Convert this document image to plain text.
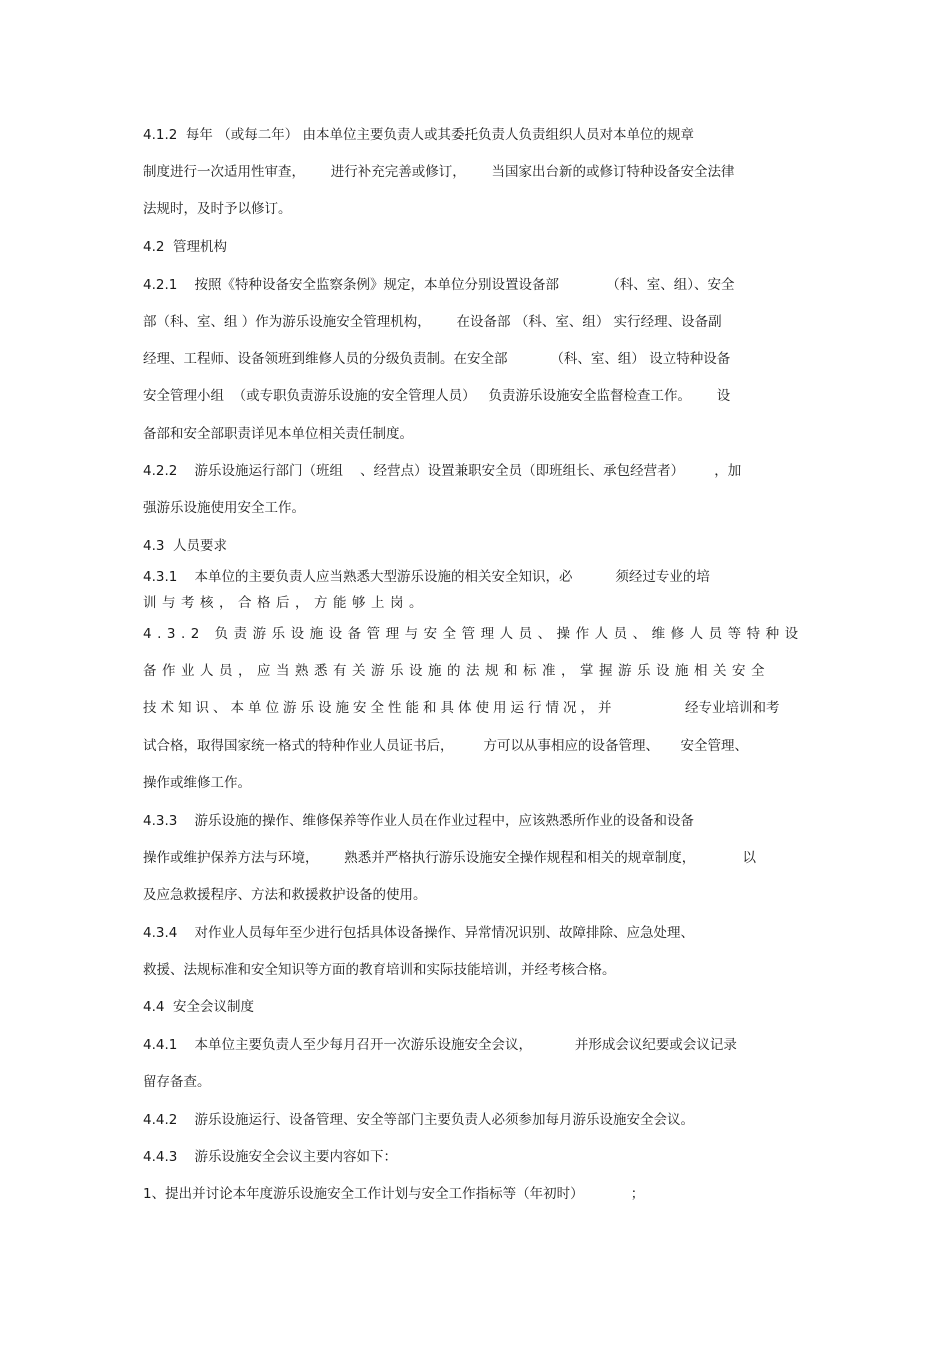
4.1.2  每年 （或每二年） 由本单位主要负责人或其委托负责人负责组织人员对本单位的规章
制度进行一次适用性审查，      进行补充完善或修订，      当国家出台新的或修订特种设备安全法律
法规时，及时予以修订。
4.2  管理机构
4.2.1    按照《特种设备安全监察条例》规定，本单位分别设置设备部           （科、室、组）、安全
部（科、室、组 ）作为游乐设施安全管理机构，      在设备部 （科、室、组） 实行经理、设备副
经理、工程师、设备领班到维修人员的分级负责制。在安全部          （科、室、组） 设立特种设备
安全管理小组  （或专职负责游乐设施的安全管理人员）   负责游乐设施安全监督检查工作。      设
备部和安全部职责详见本单位相关责任制度。
4.2.2    游乐设施运行部门（班组    、经营点）设置兼职安全员（即班组长、承包经营者）       ，加
强游乐设施使用安全工作。
4.3  人员要求
4.3.1    本单位的主要负责人应当熟悉大型游乐设施的相关安全知识，必          须经过专业的培
训与考核，合格后，方能够上岗。
4.3.2 负责游乐设施设备管理与安全管理人员、操作人员、维修人员等特种设
备作业人员，应当熟悉有关游乐设施的法规和标准，掌握游乐设施相关安全
技术知识、本单位游乐设施安全性能和具体使用运行情况，并	经专业培训和考
试合格，取得国家统一格式的特种作业人员证书后，       方可以从事相应的设备管理、     安全管理、
操作或维修工作。
4.3.3    游乐设施的操作、维修保养等作业人员在作业过程中，应该熟悉所作业的设备和设备
操作或维护保养方法与环境，      熟悉并严格执行游乐设施安全操作规程和相关的规章制度，           以
及应急救援程序、方法和救援救护设备的使用。
4.3.4    对作业人员每年至少进行包括具体设备操作、异常情况识别、故障排除、应急处理、
救援、法规标准和安全知识等方面的教育培训和实际技能培训，并经考核合格。
4.4  安全会议制度
4.4.1    本单位主要负责人至少每月召开一次游乐设施安全会议，          并形成会议纪要或会议记录
留存备查。
4.4.2    游乐设施运行、设备管理、安全等部门主要负责人必须参加每月游乐设施安全会议。
4.4.3    游乐设施安全会议主要内容如下：
1、提出并讨论本年度游乐设施安全工作计划与安全工作指标等（年初时）           ；
